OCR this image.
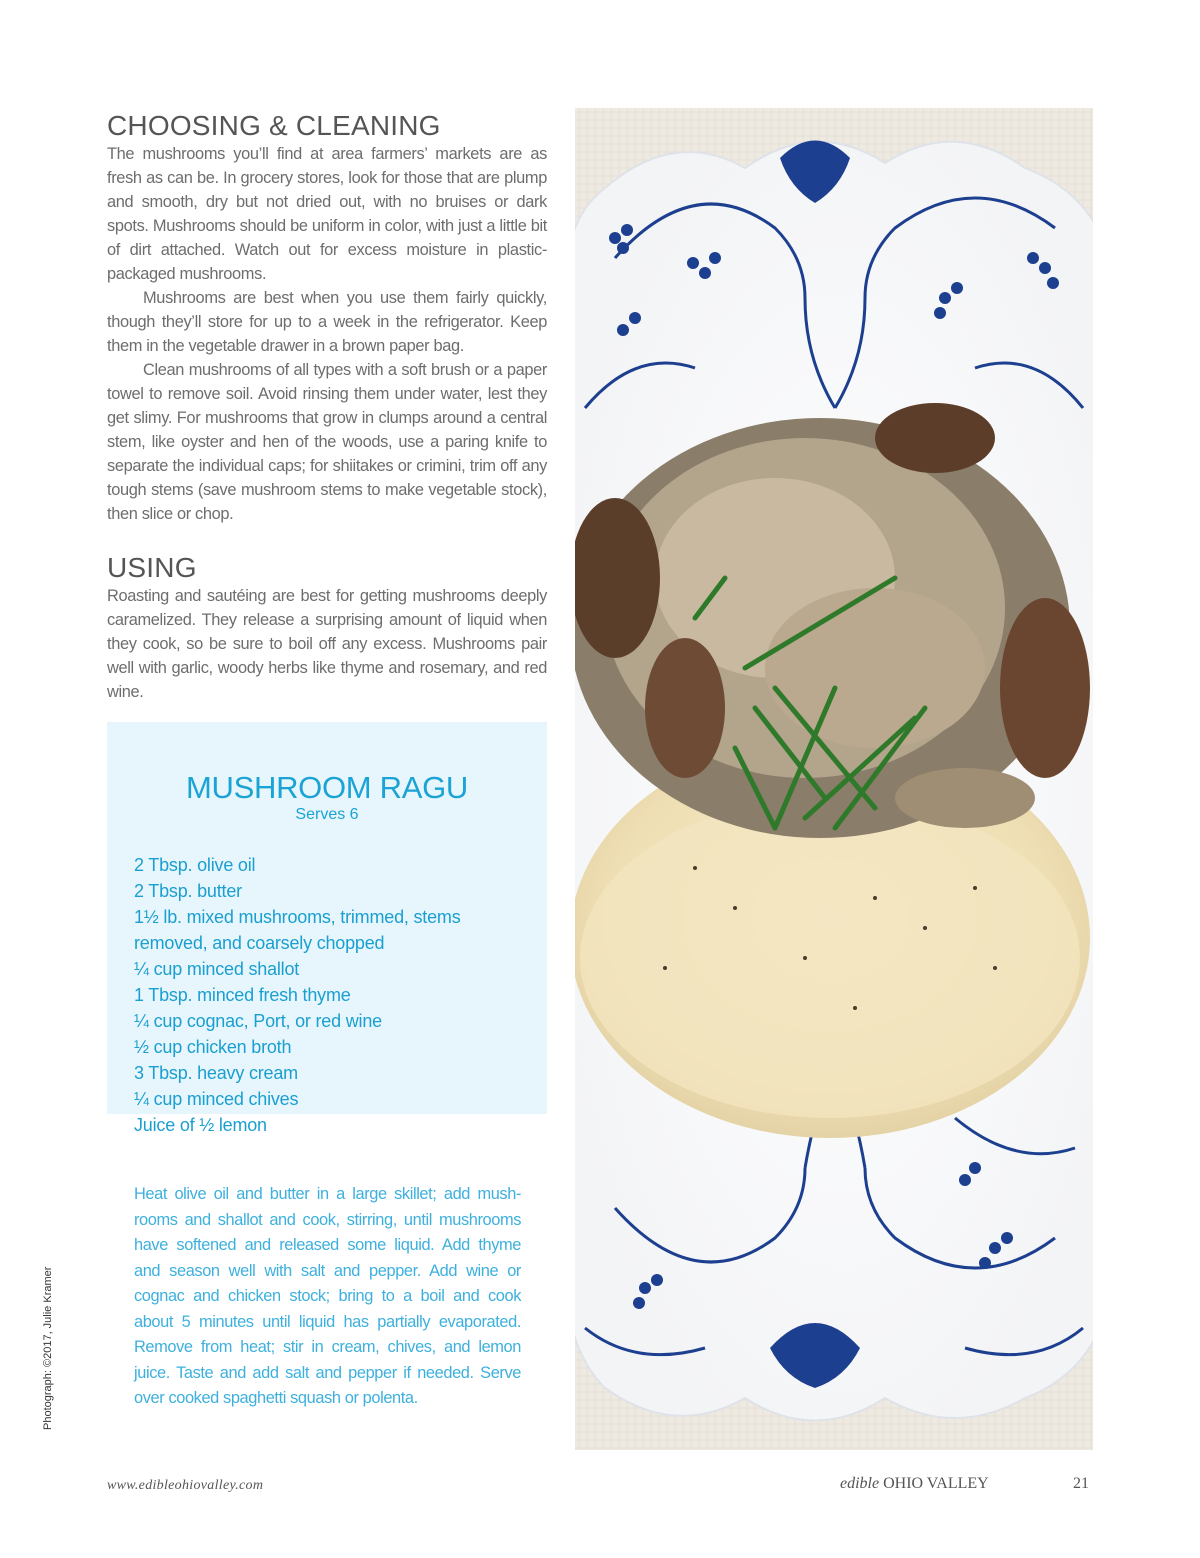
CHOOSING & CLEANING

The mushrooms you’ll find at area farmers’ markets are as fresh as can be. In grocery stores, look for those that are plump and smooth, dry but not dried out, with no bruises or dark spots. Mushrooms should be uniform in color, with just a little bit of dirt attached. Watch out for excess moisture in plastic-packaged mushrooms.

Mushrooms are best when you use them fairly quickly, though they’ll store for up to a week in the refrigerator. Keep them in the vegetable drawer in a brown paper bag.

Clean mushrooms of all types with a soft brush or a paper towel to remove soil. Avoid rinsing them under water, lest they get slimy. For mushrooms that grow in clumps around a central stem, like oyster and hen of the woods, use a paring knife to separate the individual caps; for shiitakes or crimini, trim off any tough stems (save mushroom stems to make vegetable stock), then slice or chop.

USING

Roasting and sautéing are best for getting mushrooms deeply caramelized. They release a surprising amount of liquid when they cook, so be sure to boil off any excess. Mushrooms pair well with garlic, woody herbs like thyme and rosemary, and red wine.

MUSHROOM RAGU
Serves 6
2 Tbsp. olive oil
2 Tbsp. butter
1½ lb. mixed mushrooms, trimmed, stems removed, and coarsely chopped
¼ cup minced shallot
1 Tbsp. minced fresh thyme
¼ cup cognac, Port, or red wine
½ cup chicken broth
3 Tbsp. heavy cream
¼ cup minced chives
Juice of ½ lemon

Heat olive oil and butter in a large skillet; add mush-rooms and shallot and cook, stirring, until mushrooms have softened and released some liquid. Add thyme and season well with salt and pepper. Add wine or cognac and chicken stock; bring to a boil and cook about 5 minutes until liquid has partially evaporated. Remove from heat; stir in cream, chives, and lemon juice. Taste and add salt and pepper if needed. Serve over cooked spaghetti squash or polenta.

Photograph: ©2017, Julie Kramer
www.edibleohiovalley.com	edible OHIO VALLEY	21
